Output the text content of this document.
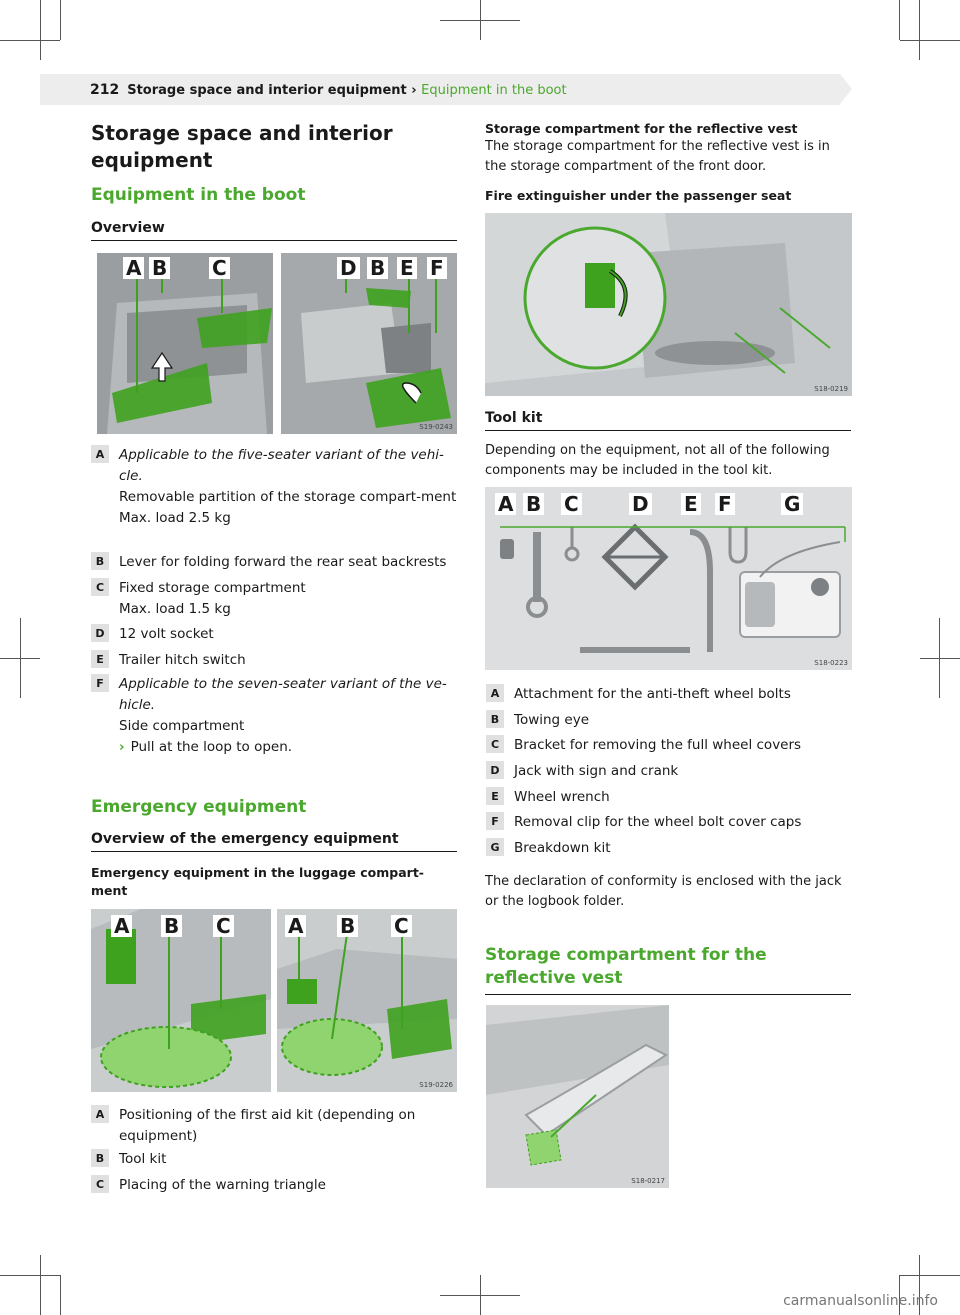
212 Storage space and interior equipment › Equipment in the boot
Storage space and interior equipment
Equipment in the boot
Overview
A B C	D B E F
S19-0243
A	Applicable to the five-seater variant of the vehi-cle.

Removable partition of the storage compart-ment

Max. load 2.5 kg

B	Lever for folding forward the rear seat backrests

C	Fixed storage compartment

Max. load 1.5 kg

D	12 volt socket

E	Trailer hitch switch

F	Applicable to the seven-seater variant of the ve-hicle.

Side compartment

› Pull at the loop to open.

Emergency equipment
Overview of the emergency equipment
Emergency equipment in the luggage compart-ment
A B C	A B C
S19-0226
A	Positioning of the first aid kit (depending on equipment)

B	Tool kit

C	Placing of the warning triangle

Storage compartment for the reflective vest
The storage compartment for the reflective vest is in the storage compartment of the front door.
Fire extinguisher under the passenger seat
S18-0219
Tool kit
Depending on the equipment, not all of the following components may be included in the tool kit.
A B C	D E F	G
S18-0223
A	Attachment for the anti-theft wheel bolts

B	Towing eye

C	Bracket for removing the full wheel covers

D	Jack with sign and crank

E	Wheel wrench

F	Removal clip for the wheel bolt cover caps

G	Breakdown kit

The declaration of conformity is enclosed with the jack or the logbook folder.
Storage compartment for the reflective vest
S18-0217
carmanualsonline.info
